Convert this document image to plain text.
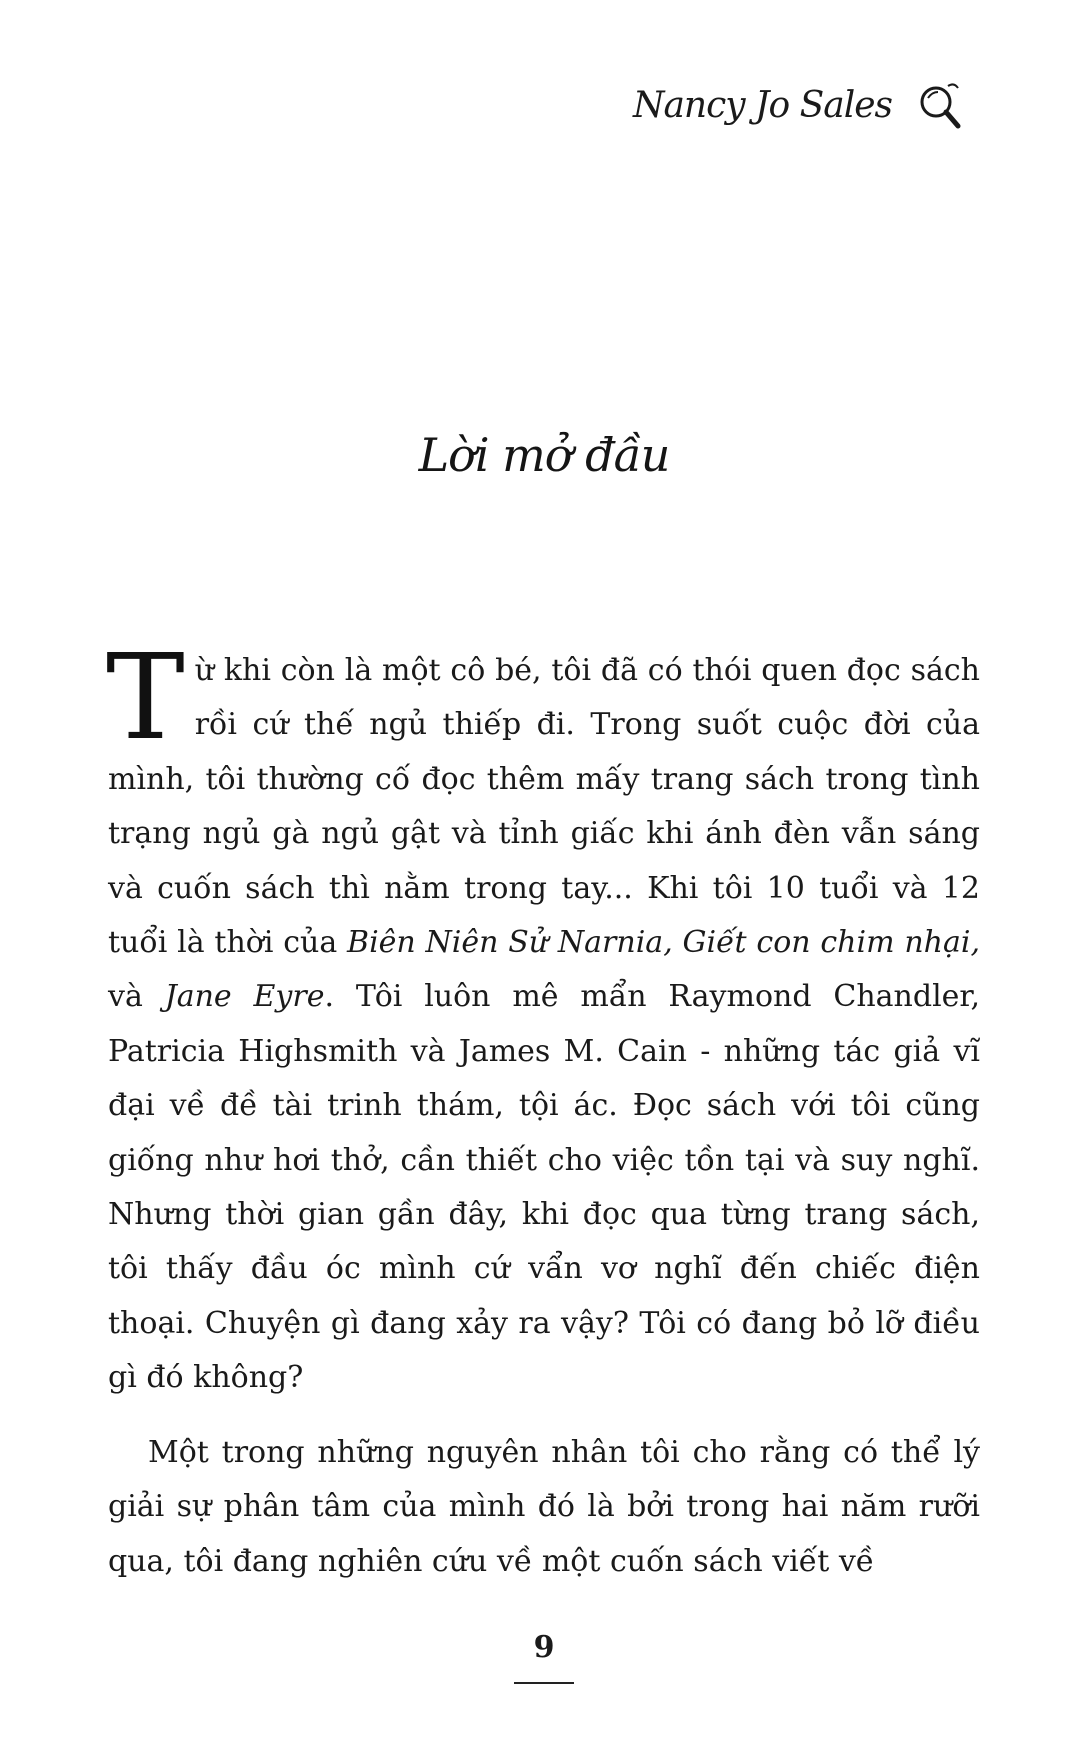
Nancy Jo Sales
Lời mở đầu

Từ khi còn là một cô bé, tôi đã có thói quen đọc sách rồi cứ thế ngủ thiếp đi. Trong suốt cuộc đời của mình, tôi thường cố đọc thêm mấy trang sách trong tình trạng ngủ gà ngủ gật và tỉnh giấc khi ánh đèn vẫn sáng và cuốn sách thì nằm trong tay... Khi tôi 10 tuổi và 12 tuổi là thời của Biên Niên Sử Narnia, Giết con chim nhại, và Jane Eyre. Tôi luôn mê mẩn Raymond Chandler, Patricia Highsmith và James M. Cain - những tác giả vĩ đại về đề tài trinh thám, tội ác. Đọc sách với tôi cũng giống như hơi thở, cần thiết cho việc tồn tại và suy nghĩ. Nhưng thời gian gần đây, khi đọc qua từng trang sách, tôi thấy đầu óc mình cứ vẩn vơ nghĩ đến chiếc điện thoại. Chuyện gì đang xảy ra vậy? Tôi có đang bỏ lỡ điều gì đó không?

Một trong những nguyên nhân tôi cho rằng có thể lý giải sự phân tâm của mình đó là bởi trong hai năm rưỡi qua, tôi đang nghiên cứu về một cuốn sách viết về

9
